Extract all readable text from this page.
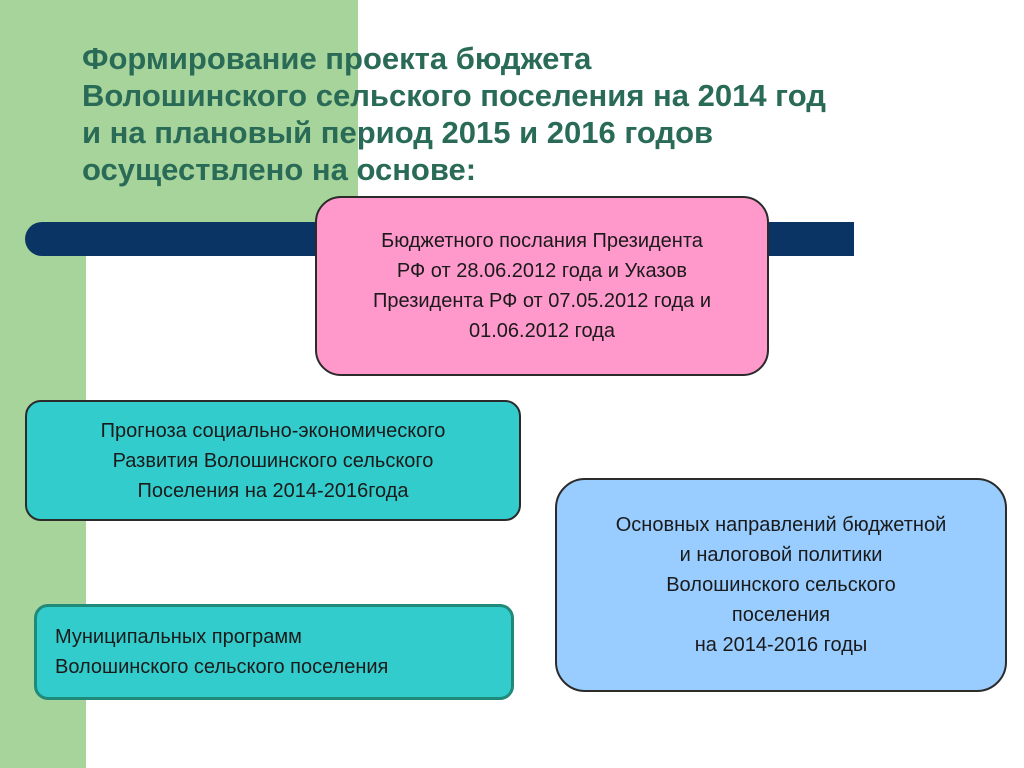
Формирование проекта бюджета
Волошинского сельского поселения на 2014 год
и на плановый период 2015 и 2016 годов
осуществлено на основе:
Бюджетного послания Президента
РФ от 28.06.2012 года и Указов
Президента РФ от 07.05.2012 года и
01.06.2012 года
Прогноза социально-экономического
Развития Волошинского сельского
Поселения на 2014-2016года
Основных направлений бюджетной
и налоговой политики
Волошинского сельского
поселения
на 2014-2016 годы
Муниципальных программ
Волошинского сельского поселения
